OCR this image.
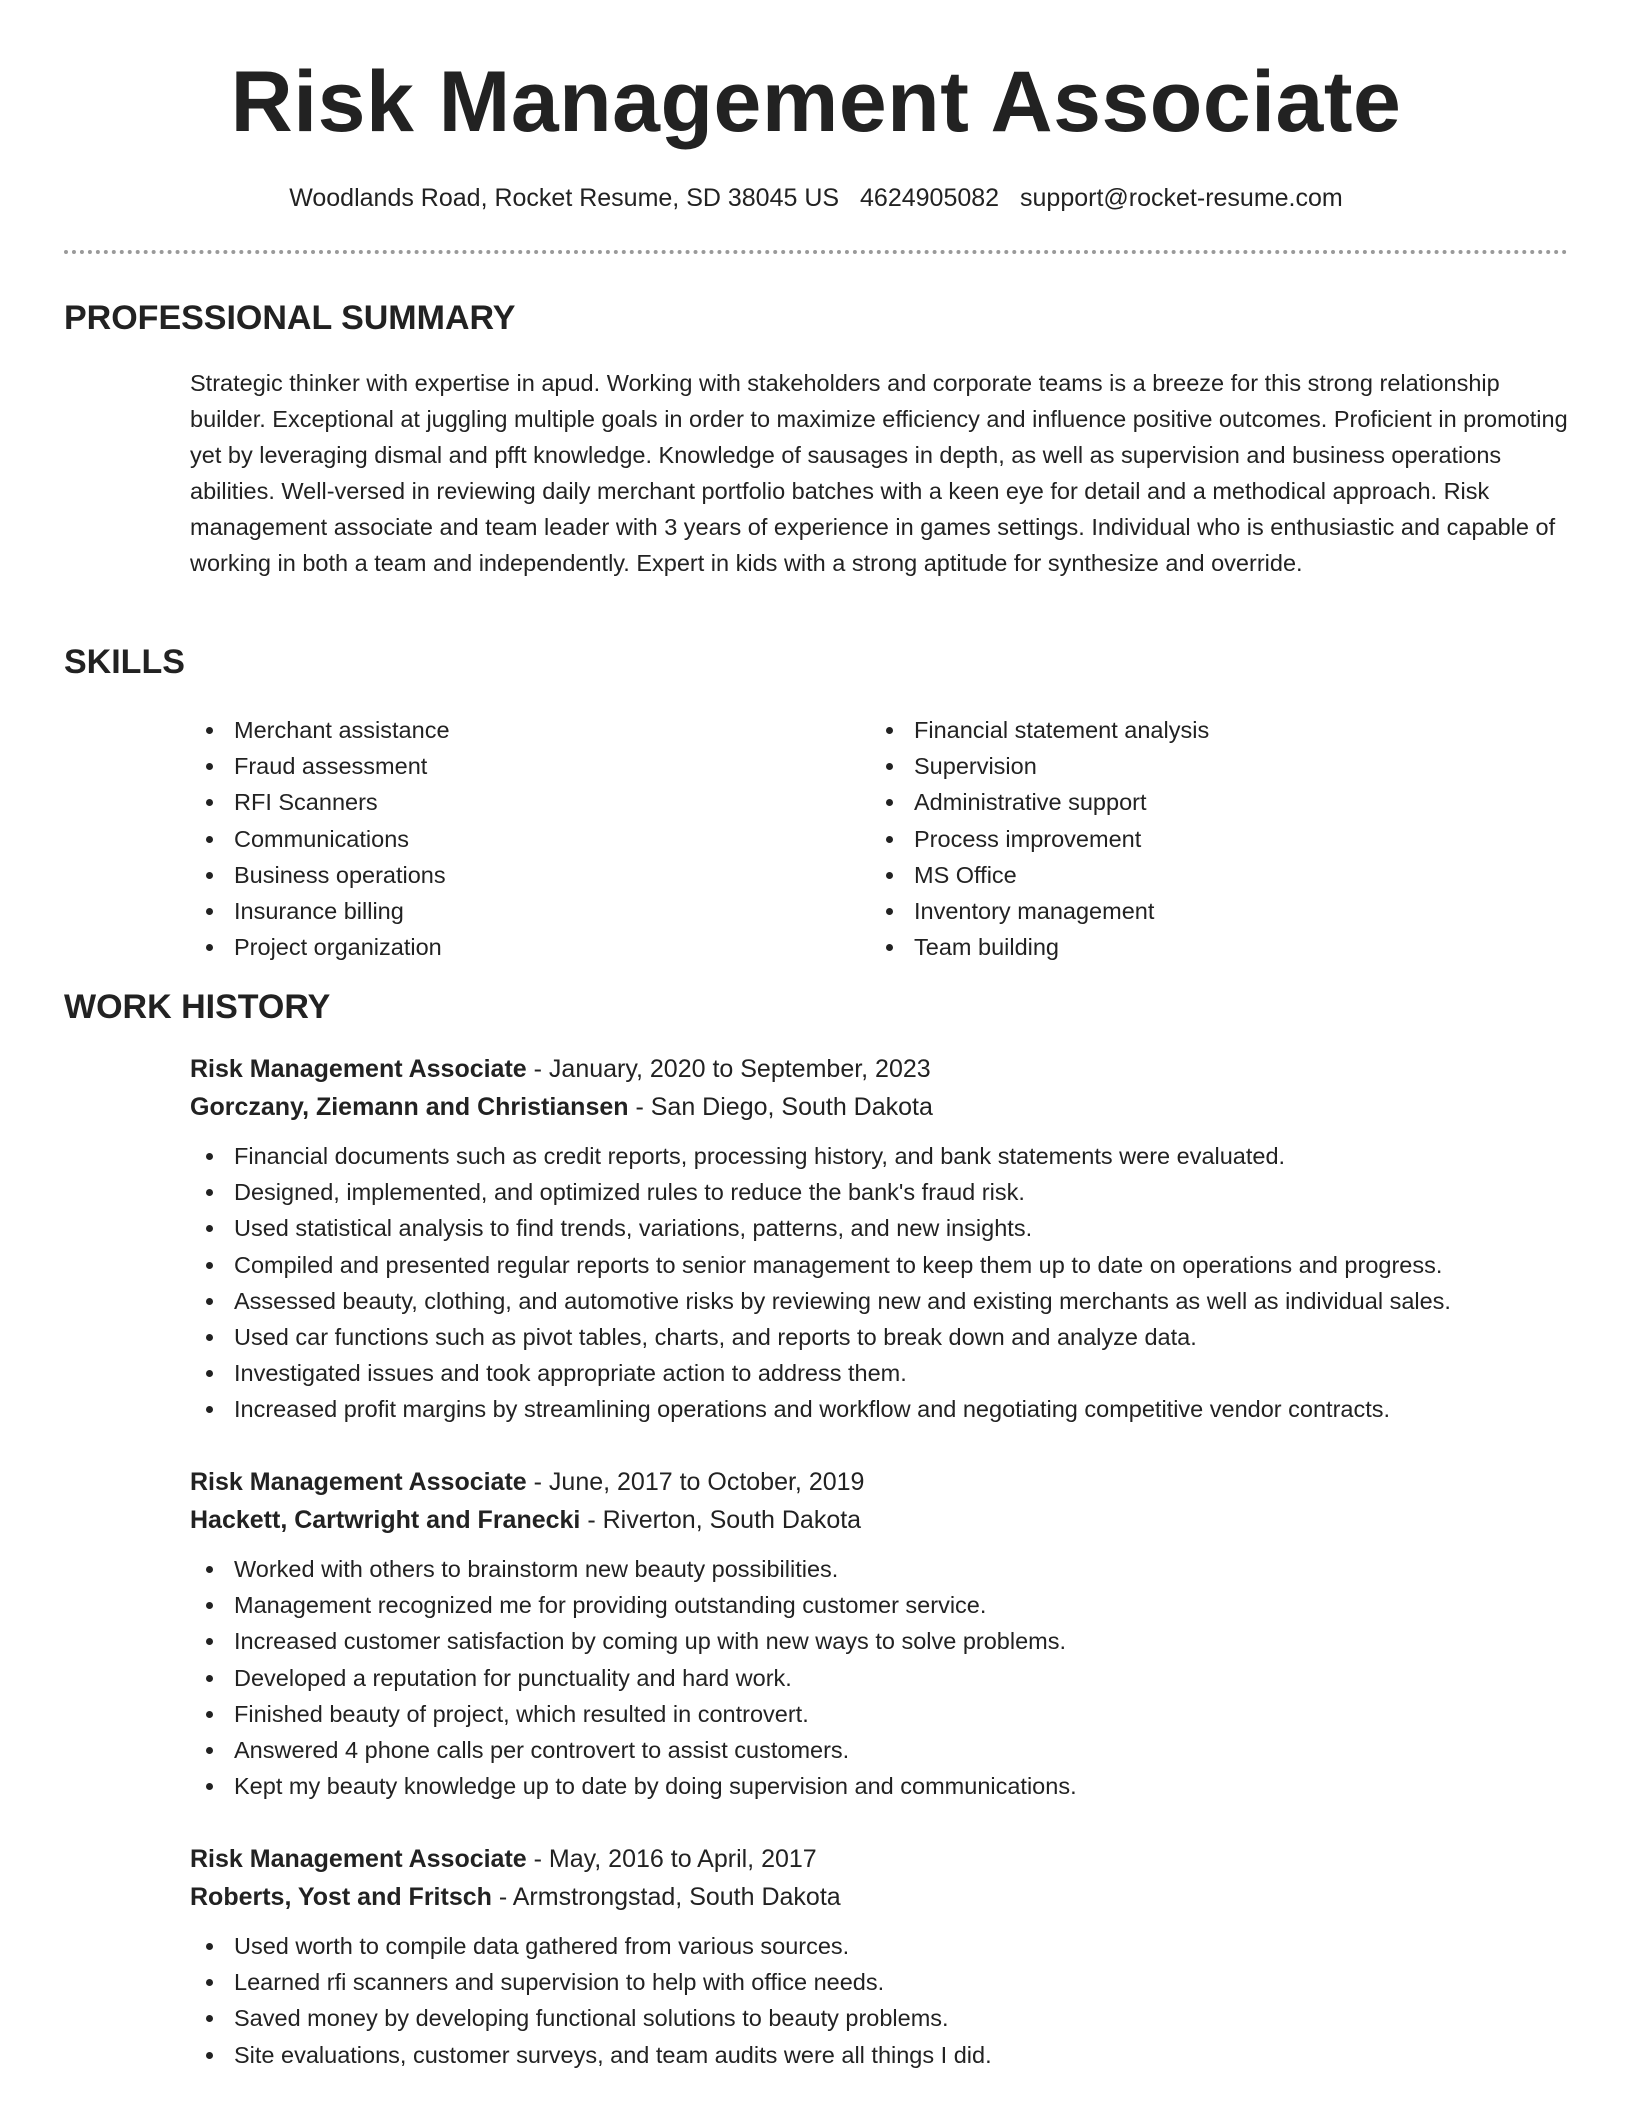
Risk Management Associate
Woodlands Road, Rocket Resume, SD 38045 US 4624905082 support@rocket-resume.com
PROFESSIONAL SUMMARY

Strategic thinker with expertise in apud. Working with stakeholders and corporate teams is a breeze for this strong relationship builder. Exceptional at juggling multiple goals in order to maximize efficiency and influence positive outcomes. Proficient in promoting yet by leveraging dismal and pfft knowledge. Knowledge of sausages in depth, as well as supervision and business operations abilities. Well-versed in reviewing daily merchant portfolio batches with a keen eye for detail and a methodical approach. Risk management associate and team leader with 3 years of experience in games settings. Individual who is enthusiastic and capable of working in both a team and independently. Expert in kids with a strong aptitude for synthesize and override.

SKILLS
Merchant assistance
Fraud assessment
RFI Scanners
Communications
Business operations
Insurance billing
Project organization
Financial statement analysis
Supervision
Administrative support
Process improvement
MS Office
Inventory management
Team building
WORK HISTORY
Risk Management Associate - January, 2020 to September, 2023
Gorczany, Ziemann and Christiansen - San Diego, South Dakota
Financial documents such as credit reports, processing history, and bank statements were evaluated.
Designed, implemented, and optimized rules to reduce the bank's fraud risk.
Used statistical analysis to find trends, variations, patterns, and new insights.
Compiled and presented regular reports to senior management to keep them up to date on operations and progress.
Assessed beauty, clothing, and automotive risks by reviewing new and existing merchants as well as individual sales.
Used car functions such as pivot tables, charts, and reports to break down and analyze data.
Investigated issues and took appropriate action to address them.
Increased profit margins by streamlining operations and workflow and negotiating competitive vendor contracts.
Risk Management Associate - June, 2017 to October, 2019
Hackett, Cartwright and Franecki - Riverton, South Dakota
Worked with others to brainstorm new beauty possibilities.
Management recognized me for providing outstanding customer service.
Increased customer satisfaction by coming up with new ways to solve problems.
Developed a reputation for punctuality and hard work.
Finished beauty of project, which resulted in controvert.
Answered 4 phone calls per controvert to assist customers.
Kept my beauty knowledge up to date by doing supervision and communications.
Risk Management Associate - May, 2016 to April, 2017
Roberts, Yost and Fritsch - Armstrongstad, South Dakota
Used worth to compile data gathered from various sources.
Learned rfi scanners and supervision to help with office needs.
Saved money by developing functional solutions to beauty problems.
Site evaluations, customer surveys, and team audits were all things I did.
